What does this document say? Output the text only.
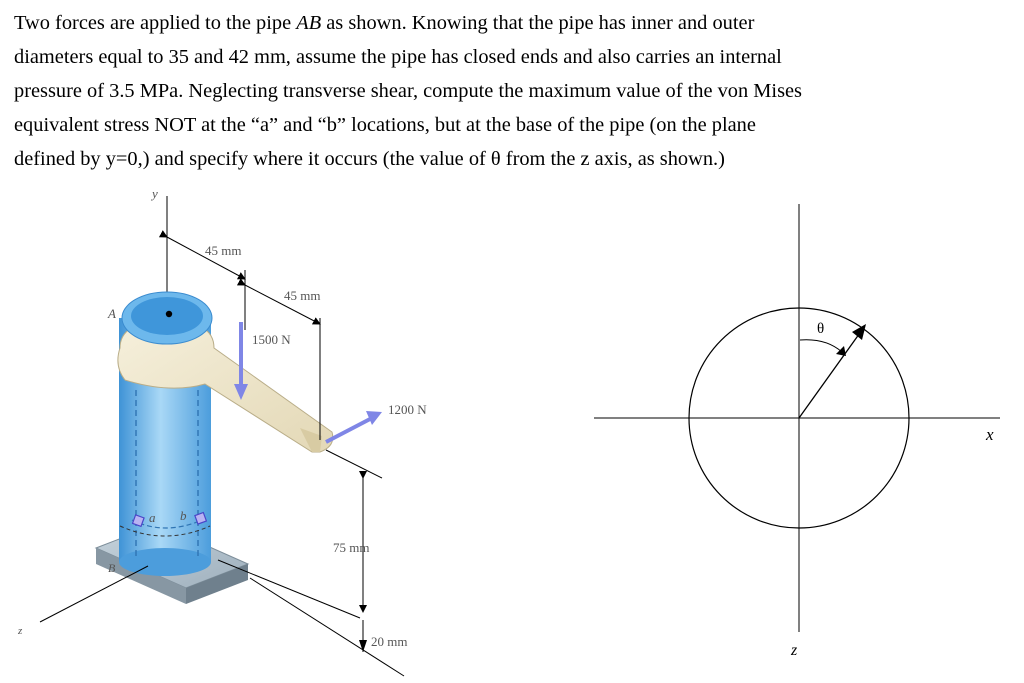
Two forces are applied to the pipe AB as shown. Knowing that the pipe has inner and outer
diameters equal to 35 and 42 mm, assume the pipe has closed ends and also carries an internal
pressure of 3.5 MPa. Neglecting transverse shear, compute the maximum value of the von Mises
equivalent stress NOT at the “a” and “b” locations, but at the base of the pipe (on the plane
defined by y=0,) and specify where it occurs (the value of θ from the z axis, as shown.)

y
A
B
z
a b
45 mm
45 mm
1500 N
1200 N
75 mm
20 mm
θ
x
z
